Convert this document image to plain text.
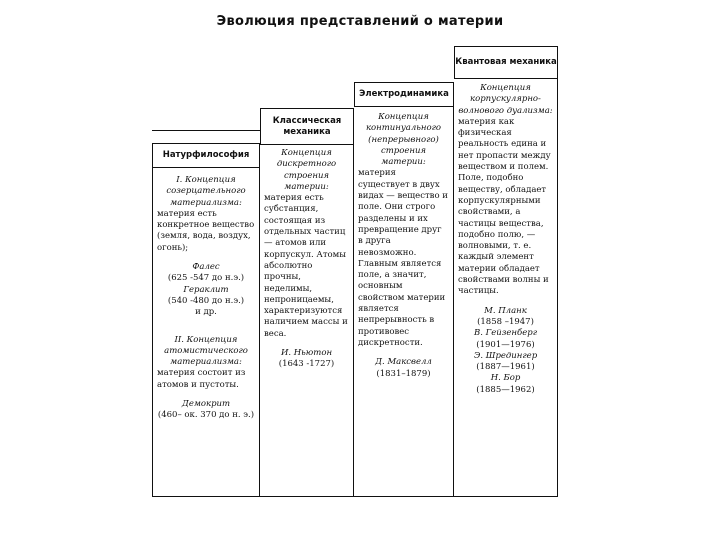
Эволюция представлений о материи
Натурфилософия
I. Концепция созерцательного материализма:
материя есть конкретное вещество (земля, вода, воздух, огонь);
Фалес
(625 -547 до н.э.)
Гераклит
(540 -480 до н.э.)
и др.
II. Концепция атомистического материализма:
материя состоит из атомов и пустоты.
Демокрит
(460– ок. 370 до н. э.)
Классическая механика
Концепция дискретного строения материи:
материя есть субстанция, состоящая из отдельных частиц — атомов или корпускул. Атомы абсолютно прочны, неделимы, непроницаемы, характеризуются наличием массы и веса.
И. Ньютон
(1643 -1727)
Электродинамика
Концепция континуального (непрерывного) строения материи:
материя существует в двух видах — вещество и поле. Они строго разделены и их превращение друг в друга невозможно. Главным является поле, а значит, основным свойством материи является непрерывность в противовес дискретности.
Д. Максвелл
(1831–1879)
Квантовая механика
Концепция корпускулярно-волнового дуализма:
материя как физическая реальность едина и нет пропасти между веществом и полем. Поле, подобно веществу, обладает корпускулярными свойствами, а частицы вещества, подобно полю, — волновыми, т. е. каждый элемент материи обладает свойствами волны и частицы.
М. Планк
(1858 –1947)
В. Гейзенберг
(1901—1976)
Э. Шредингер
(1887—1961)
Н. Бор
(1885—1962)
